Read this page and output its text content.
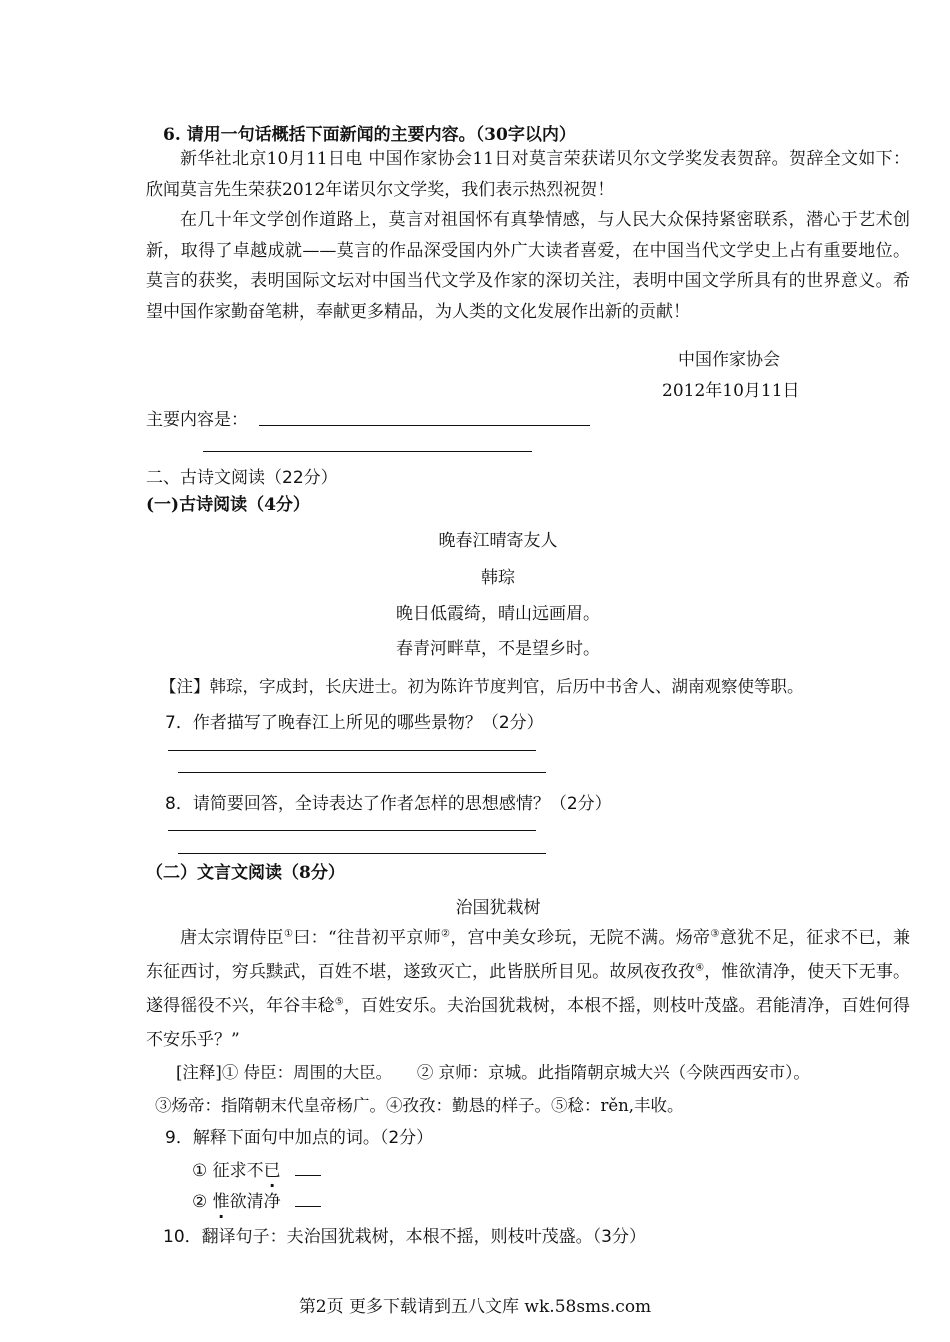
6. 请用一句话概括下面新闻的主要内容。（30字以内）
新华社北京10月11日电 中国作家协会11日对莫言荣获诺贝尔文学奖发表贺辞。贺辞全文如下：欣闻莫言先生荣获2012年诺贝尔文学奖，我们表示热烈祝贺！
在几十年文学创作道路上，莫言对祖国怀有真挚情感，与人民大众保持紧密联系，潜心于艺术创新，取得了卓越成就——莫言的作品深受国内外广大读者喜爱，在中国当代文学史上占有重要地位。莫言的获奖，表明国际文坛对中国当代文学及作家的深切关注，表明中国文学所具有的世界意义。希望中国作家勤奋笔耕，奉献更多精品，为人类的文化发展作出新的贡献！
中国作家协会
2012年10月11日
主要内容是：
二、古诗文阅读（22分）
(一)古诗阅读（4分）
晚春江晴寄友人
韩琮
晚日低霞绮，晴山远画眉。
春青河畔草，不是望乡时。
【注】韩琮，字成封，长庆进士。初为陈许节度判官，后历中书舍人、湖南观察使等职。
7．作者描写了晚春江上所见的哪些景物？（2分）
8．请简要回答，全诗表达了作者怎样的思想感情？（2分）
（二）文言文阅读（8分）
治国犹栽树
唐太宗谓侍臣①曰：“往昔初平京师②，宫中美女珍玩，无院不满。炀帝③意犹不足，征求不已，兼东征西讨，穷兵黩武，百姓不堪，遂致灭亡，此皆朕所目见。故夙夜孜孜④，惟欲清净，使天下无事。遂得徭役不兴，年谷丰稔⑤，百姓安乐。夫治国犹栽树，本根不摇，则枝叶茂盛。君能清净，百姓何得不安乐乎？”
[注释]① 侍臣：周围的大臣。　　② 京师：京城。此指隋朝京城大兴（今陕西西安市）。
③炀帝：指隋朝末代皇帝杨广。④孜孜：勤恳的样子。⑤稔：rěn,丰收。
9．解释下面句中加点的词。（2分）
① 征求不已
② 惟欲清净
10．翻译句子：夫治国犹栽树，本根不摇，则枝叶茂盛。（3分）
第2页 更多下载请到五八文库 wk.58sms.com
